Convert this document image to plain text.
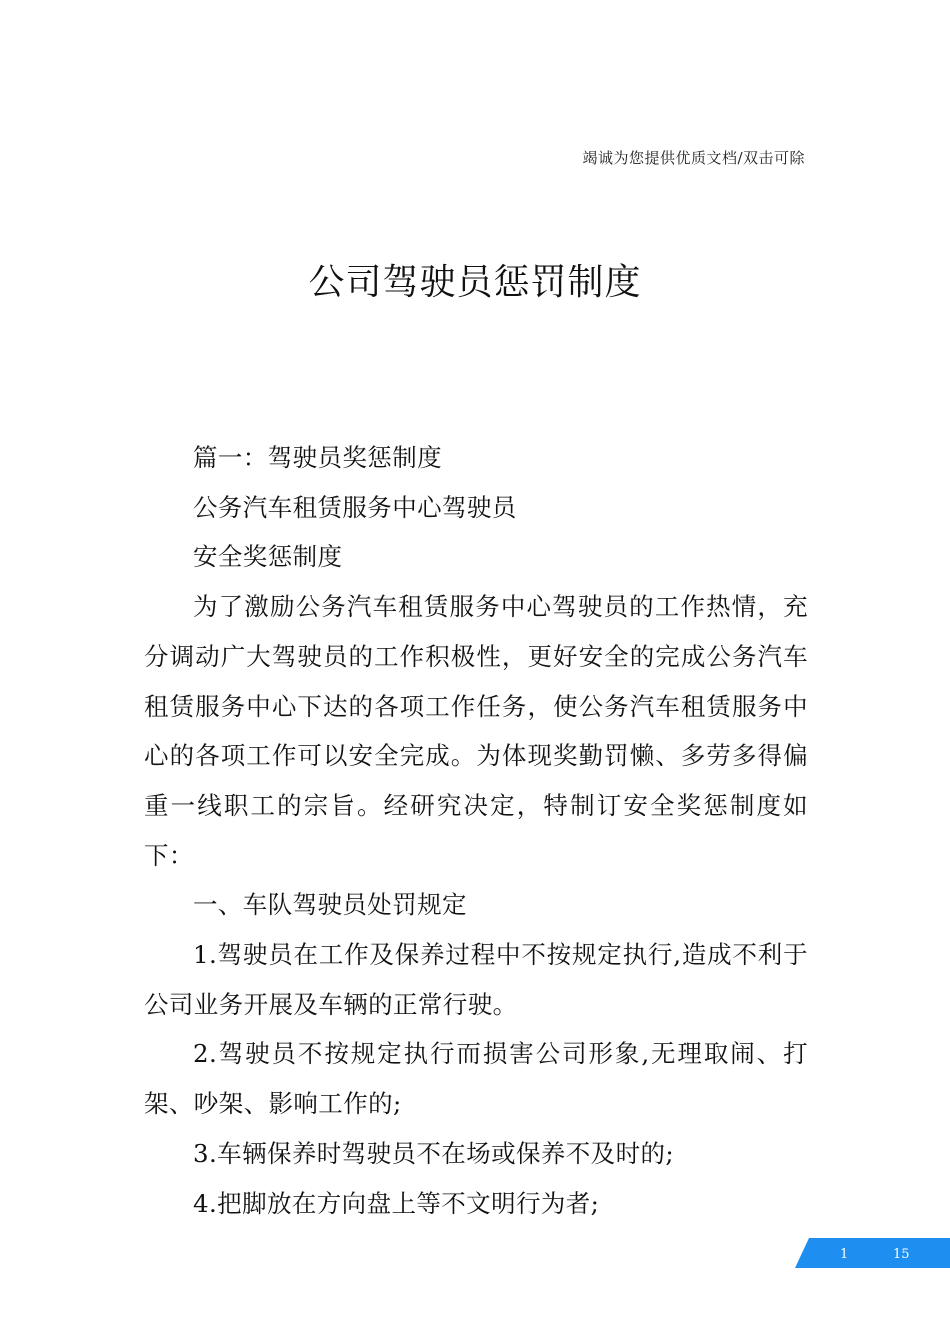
竭诚为您提供优质文档/双击可除
公司驾驶员惩罚制度

篇一：驾驶员奖惩制度

公务汽车租赁服务中心驾驶员

安全奖惩制度

为了激励公务汽车租赁服务中心驾驶员的工作热情，充分调动广大驾驶员的工作积极性，更好安全的完成公务汽车租赁服务中心下达的各项工作任务，使公务汽车租赁服务中心的各项工作可以安全完成。为体现奖勤罚懒、多劳多得偏重一线职工的宗旨。经研究决定，特制订安全奖惩制度如下：

一、车队驾驶员处罚规定

1.驾驶员在工作及保养过程中不按规定执行,造成不利于公司业务开展及车辆的正常行驶。

2.驾驶员不按规定执行而损害公司形象,无理取闹、打架、吵架、影响工作的;

3.车辆保养时驾驶员不在场或保养不及时的;

4.把脚放在方向盘上等不文明行为者;

1	15
